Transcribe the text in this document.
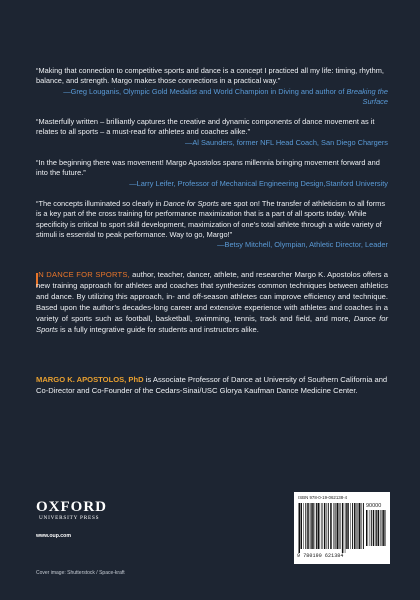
“Making that connection to competitive sports and dance is a concept I practiced all my life: timing, rhythm, balance, and strength. Margo makes those connections in a practical way.”

—Greg Louganis, Olympic Gold Medalist and World Champion in Diving and author of Breaking the Surface

“Masterfully written – brilliantly captures the creative and dynamic components of dance movement as it relates to all sports – a must-read for athletes and coaches alike.”

—Al Saunders, former NFL Head Coach, San Diego Chargers

“In the beginning there was movement! Margo Apostolos spans millennia bringing movement forward and into the future.”

—Larry Leifer, Professor of Mechanical Engineering Design,Stanford University

“The concepts illuminated so clearly in Dance for Sports are spot on! The transfer of athleticism to all forms is a key part of the cross training for performance maximization that is a part of all sports today. While specificity is critical to sport skill development, maximization of one’s total athlete through a wide variety of stimuli is essential to peak performance. Way to go, Margo!”

—Betsy Mitchell, Olympian, Athletic Director, Leader

N DANCE FOR SPORTS, author, teacher, dancer, athlete, and researcher Margo K. Apostolos offers a new training approach for athletes and coaches that synthesizes common techniques between athletics and dance. By utilizing this approach, in- and off-season athletes can improve efficiency and technique. Based upon the author’s decades-long career and extensive experience with athletes and coaches in a variety of sports such as football, basketball, swimming, tennis, track and field, and more, Dance for Sports is a fully integrative guide for students and instructors alike.

MARGO K. APOSTOLOS, PhD is Associate Professor of Dance at University of Southern California and Co-Director and Co-Founder of the Cedars-Sinai/USC Glorya Kaufman Dance Medicine Center.

OXFORD
UNIVERSITY PRESS
www.oup.com
Cover image: Shutterstock / Space-kraft
ISBN 978-0-19-062138-4
90000
9 780190 621384
